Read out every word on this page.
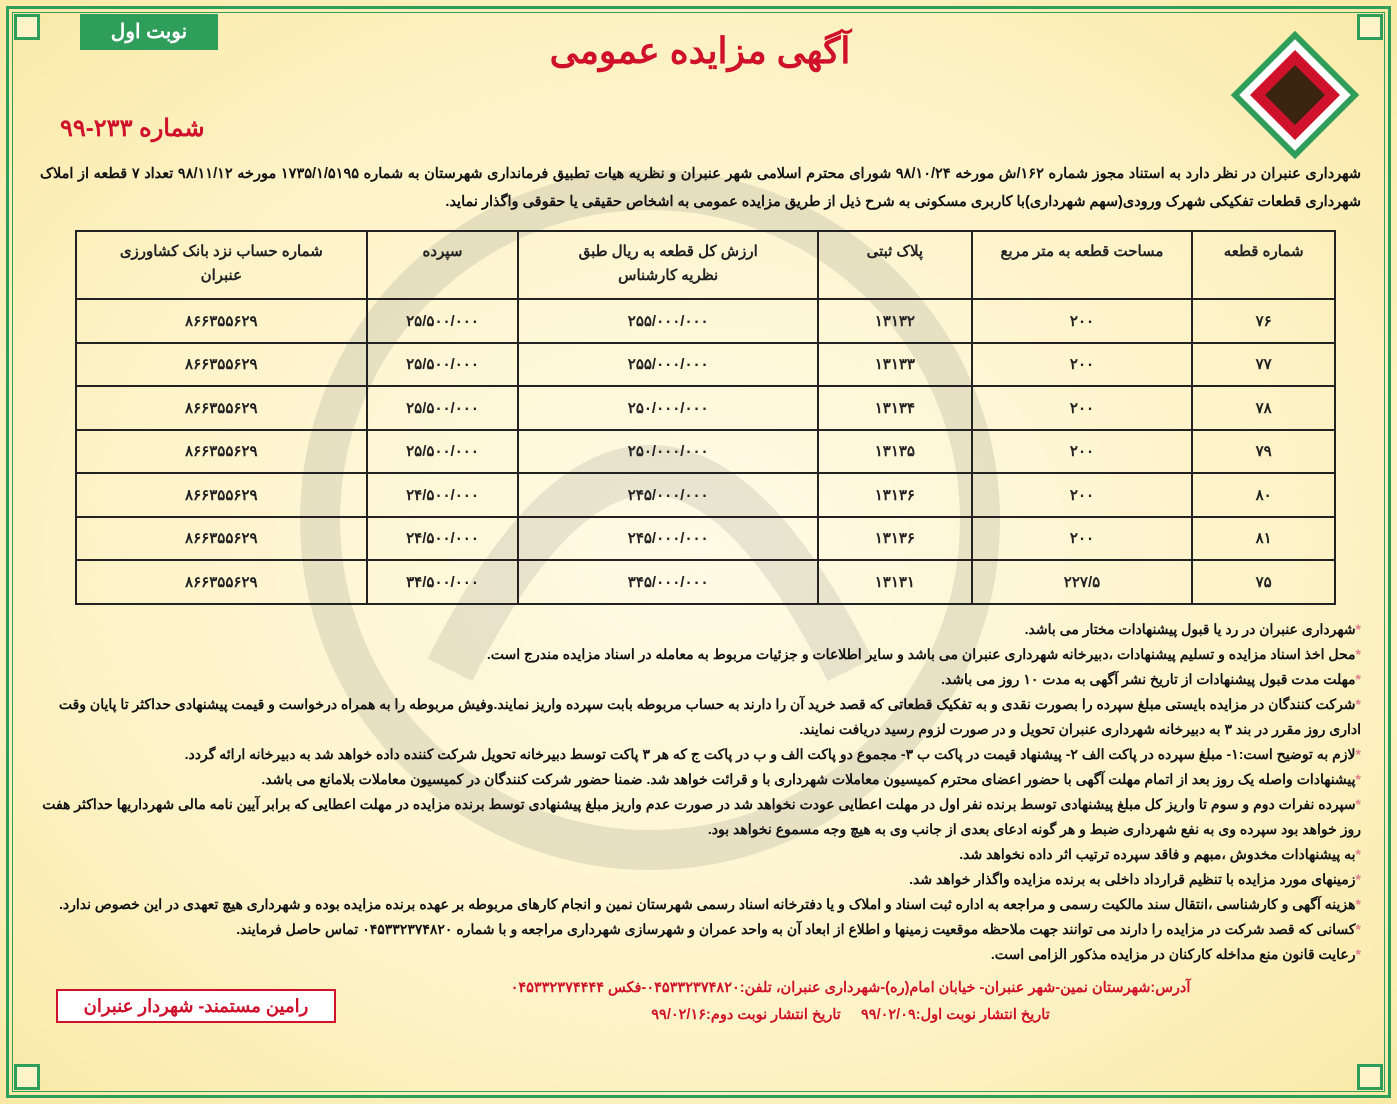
نوبت اول	آگهی مزایده عمومی
شماره ۲۳۳-۹۹
شهرداری عنبران در نظر دارد به استناد مجوز شماره ۱۶۲/ش مورخه ۹۸/۱۰/۲۴ شورای محترم اسلامی شهر عنبران و نظریه هیات تطبیق فرمانداری شهرستان به شماره ۱۷۳۵/۱/۵۱۹۵ مورخه ۹۸/۱۱/۱۲ تعداد ۷ قطعه از املاک شهرداری قطعات تفکیکی شهرک ورودی(سهم شهرداری)با کاربری مسکونی به شرح ذیل از طریق مزایده عمومی به اشخاص حقیقی یا حقوقی واگذار نماید.
شماره قطعه	مساحت قطعه به متر مربع	پلاک ثبتی	ارزش کل قطعه به ریال طبق نظریه کارشناس	سپرده	شماره حساب نزد بانک کشاورزی عنبران
۷۶	۲۰۰	۱۳۱۳۲	۲۵۵/۰۰۰/۰۰۰	۲۵/۵۰۰/۰۰۰	۸۶۶۳۵۵۶۲۹
۷۷	۲۰۰	۱۳۱۳۳	۲۵۵/۰۰۰/۰۰۰	۲۵/۵۰۰/۰۰۰	۸۶۶۳۵۵۶۲۹
۷۸	۲۰۰	۱۳۱۳۴	۲۵۰/۰۰۰/۰۰۰	۲۵/۵۰۰/۰۰۰	۸۶۶۳۵۵۶۲۹
۷۹	۲۰۰	۱۳۱۳۵	۲۵۰/۰۰۰/۰۰۰	۲۵/۵۰۰/۰۰۰	۸۶۶۳۵۵۶۲۹
۸۰	۲۰۰	۱۳۱۳۶	۲۴۵/۰۰۰/۰۰۰	۲۴/۵۰۰/۰۰۰	۸۶۶۳۵۵۶۲۹
۸۱	۲۰۰	۱۳۱۳۶	۲۴۵/۰۰۰/۰۰۰	۲۴/۵۰۰/۰۰۰	۸۶۶۳۵۵۶۲۹
۷۵	۲۲۷/۵	۱۳۱۳۱	۳۴۵/۰۰۰/۰۰۰	۳۴/۵۰۰/۰۰۰	۸۶۶۳۵۵۶۲۹
*شهرداری عنبران در رد یا قبول پیشنهادات مختار می باشد.
*محل اخذ اسناد مزایده و تسلیم پیشنهادات ،دبیرخانه شهرداری عنبران می باشد و سایر اطلاعات و جزئیات مربوط به معامله در اسناد مزایده مندرج است.
*مهلت مدت قبول پیشنهادات از تاریخ نشر آگهی به مدت ۱۰ روز می باشد.
*شرکت کنندگان در مزایده بایستی مبلغ سپرده را بصورت نقدی و به تفکیک قطعاتی که قصد خرید آن را دارند به حساب مربوطه بابت سپرده واریز نمایند.وفیش مربوطه را به همراه درخواست و قیمت پیشنهادی حداکثر تا پایان وقت اداری روز مقرر در بند ۳ به دبیرخانه شهرداری عنبران تحویل و در صورت لزوم رسید دریافت نمایند.
*لازم به توضیح است:۱- مبلغ سپرده در پاکت الف ۲- پیشنهاد قیمت در پاکت ب ۳- مجموع دو پاکت الف و ب در پاکت ج که هر ۳ پاکت توسط دبیرخانه تحویل شرکت کننده داده خواهد شد به دبیرخانه ارائه گردد.
*پیشنهادات واصله یک روز بعد از اتمام مهلت آگهی با حضور اعضای محترم کمیسیون معاملات شهرداری با و قرائت خواهد شد. ضمنا حضور شرکت کنندگان در کمیسیون معاملات بلامانع می باشد.
*سپرده نفرات دوم و سوم تا واریز کل مبلغ پیشنهادی توسط برنده نفر اول در مهلت اعطایی عودت نخواهد شد در صورت عدم واریز مبلغ پیشنهادی توسط برنده مزایده در مهلت اعطایی که برابر آیین نامه مالی شهرداریها حداکثر هفت روز خواهد بود سپرده وی به نفع شهرداری ضبط و هر گونه ادعای بعدی از جانب وی به هیچ وجه مسموع نخواهد بود.
*به پیشنهادات مخدوش ،مبهم و فاقد سپرده ترتیب اثر داده نخواهد شد.
*زمینهای مورد مزایده با تنظیم قرارداد داخلی به برنده مزایده واگذار خواهد شد.
*هزینه آگهی و کارشناسی ،انتقال سند مالکیت رسمی و مراجعه به اداره ثبت اسناد و املاک و یا دفترخانه اسناد رسمی شهرستان نمین و انجام کارهای مربوطه بر عهده برنده مزایده بوده و شهرداری هیچ تعهدی در این خصوص ندارد.
*کسانی که قصد شرکت در مزایده را دارند می توانند جهت ملاحظه موقعیت زمینها و اطلاع از ابعاد آن به واحد عمران و شهرسازی شهرداری مراجعه و با شماره ۰۴۵۳۳۲۳۷۴۸۲۰ تماس حاصل فرمایند.
*رعایت قانون منع مداخله کارکنان در مزایده مذکور الزامی است.
آدرس:شهرستان نمین-شهر عنبران- خیابان امام(ره)-شهرداری عنبران، تلفن:۰۴۵۳۳۲۳۷۴۸۲۰-فکس ۰۴۵۳۳۲۳۷۴۴۴۴
تاریخ انتشار نوبت اول:۹۹/۰۲/۰۹     تاریخ انتشار نوبت دوم:۹۹/۰۲/۱۶
رامین مستمند- شهردار عنبران
